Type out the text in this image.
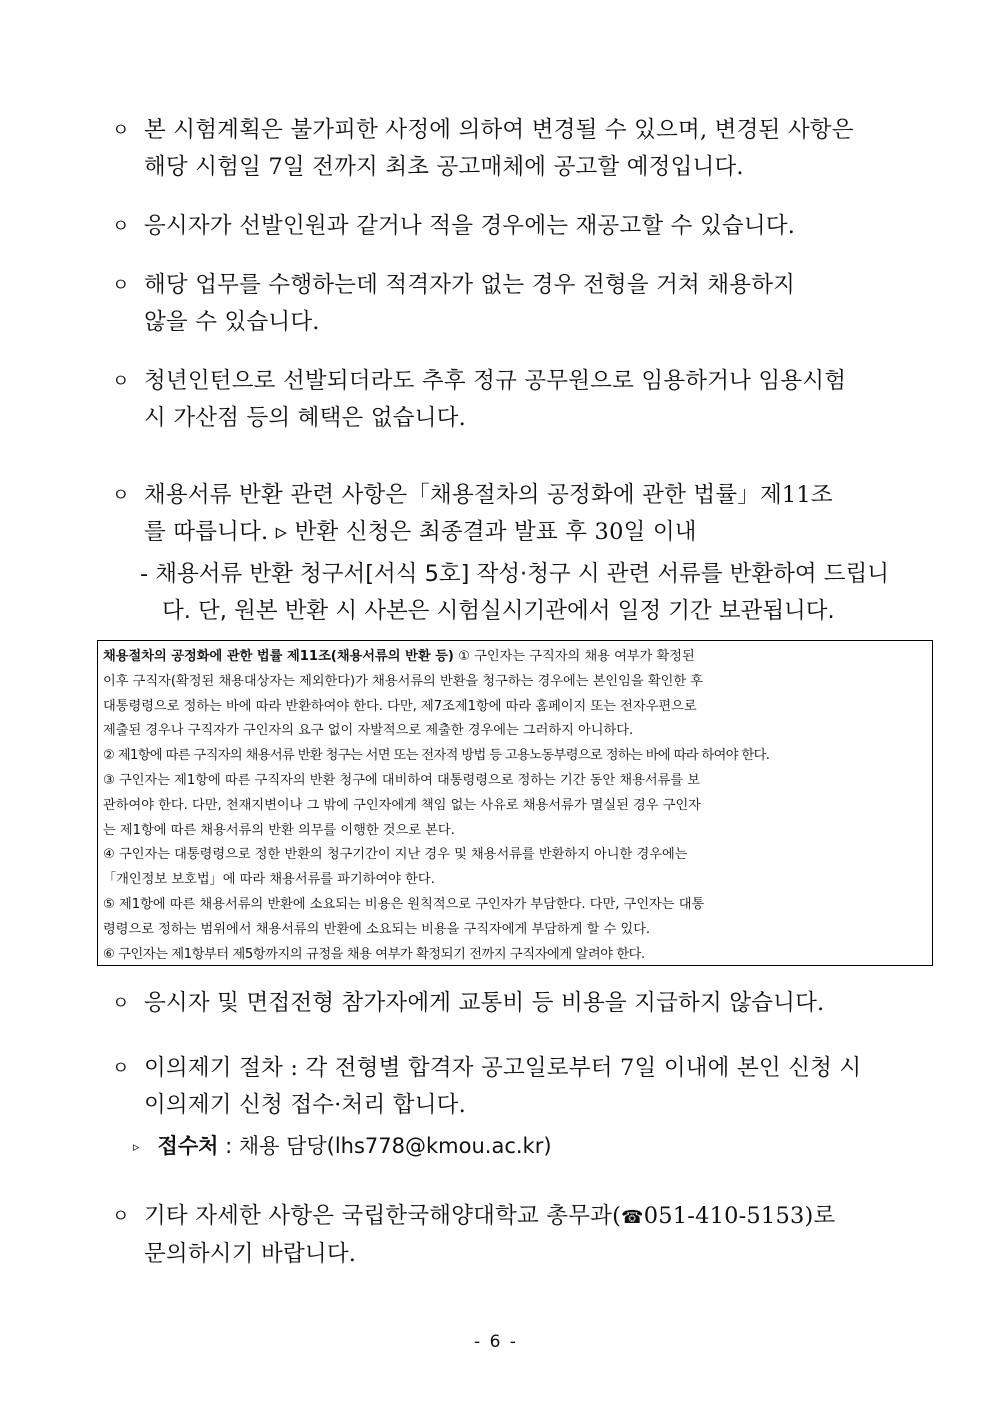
ㅇ 본 시험계획은 불가피한 사정에 의하여 변경될 수 있으며, 변경된 사항은
해당 시험일 7일 전까지 최초 공고매체에 공고할 예정입니다.
ㅇ 응시자가 선발인원과 같거나 적을 경우에는 재공고할 수 있습니다.
ㅇ 해당 업무를 수행하는데 적격자가 없는 경우 전형을 거쳐 채용하지
않을 수 있습니다.
ㅇ 청년인턴으로 선발되더라도 추후 정규 공무원으로 임용하거나 임용시험
시 가산점 등의 혜택은 없습니다.
ㅇ 채용서류 반환 관련 사항은「채용절차의 공정화에 관한 법률」제11조
를 따릅니다. ▹ 반환 신청은 최종결과 발표 후 30일 이내
- 채용서류 반환 청구서[서식 5호] 작성·청구 시 관련 서류를 반환하여 드립니
다. 단, 원본 반환 시 사본은 시험실시기관에서 일정 기간 보관됩니다.
채용절차의 공정화에 관한 법률 제11조(채용서류의 반환 등) ① 구인자는 구직자의 채용 여부가 확정된
이후 구직자(확정된 채용대상자는 제외한다)가 채용서류의 반환을 청구하는 경우에는 본인임을 확인한 후
대통령령으로 정하는 바에 따라 반환하여야 한다. 다만, 제7조제1항에 따라 홈페이지 또는 전자우편으로
제출된 경우나 구직자가 구인자의 요구 없이 자발적으로 제출한 경우에는 그러하지 아니하다.
② 제1항에 따른 구직자의 채용서류 반환 청구는 서면 또는 전자적 방법 등 고용노동부령으로 정하는 바에 따라 하여야 한다.
③ 구인자는 제1항에 따른 구직자의 반환 청구에 대비하여 대통령령으로 정하는 기간 동안 채용서류를 보
관하여야 한다. 다만, 천재지변이나 그 밖에 구인자에게 책임 없는 사유로 채용서류가 멸실된 경우 구인자
는 제1항에 따른 채용서류의 반환 의무를 이행한 것으로 본다.
④ 구인자는 대통령령으로 정한 반환의 청구기간이 지난 경우 및 채용서류를 반환하지 아니한 경우에는
「개인정보 보호법」에 따라 채용서류를 파기하여야 한다.
⑤ 제1항에 따른 채용서류의 반환에 소요되는 비용은 원칙적으로 구인자가 부담한다. 다만, 구인자는 대통
령령으로 정하는 범위에서 채용서류의 반환에 소요되는 비용을 구직자에게 부담하게 할 수 있다.
⑥ 구인자는 제1항부터 제5항까지의 규정을 채용 여부가 확정되기 전까지 구직자에게 알려야 한다.
ㅇ 응시자 및 면접전형 참가자에게 교통비 등 비용을 지급하지 않습니다.
ㅇ 이의제기 절차 : 각 전형별 합격자 공고일로부터 7일 이내에 본인 신청 시
이의제기 신청 접수·처리 합니다.
▹ 접수처 : 채용 담당(lhs778@kmou.ac.kr)
ㅇ 기타 자세한 사항은 국립한국해양대학교 총무과(☎051-410-5153)로
문의하시기 바랍니다.
- 6 -
